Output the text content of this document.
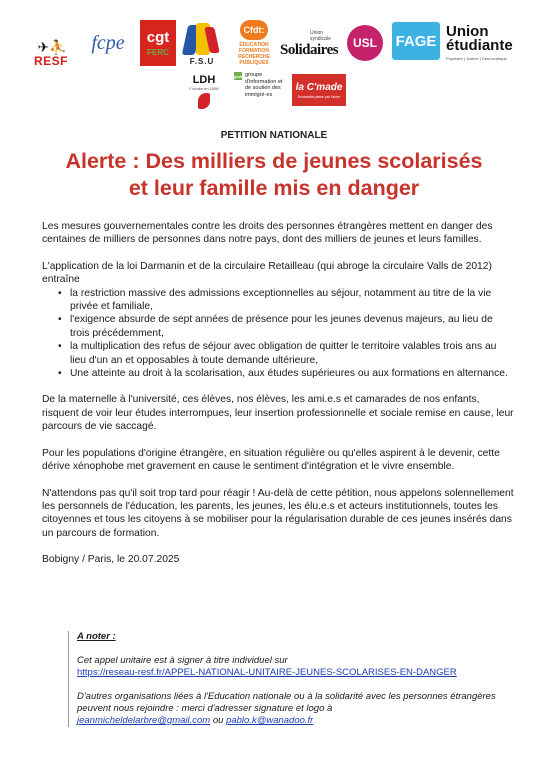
✈ ⛹
RESF
fcpe	cgt
FERC
F.S.U
Cfdt:
ÉDUCATION FORMATION RECHERCHE PUBLIQUES
Union syndicale
Solidaires	USL	FAGE
Union étudiante
Populaire | Justice | Démocratique
LDH
Fondée en 1898
gisti groupe d'information et de soutien des immigré·es
la C'made
l'humanité passe par l'autre

PETITION NATIONALE

Alerte : Des milliers de jeunes scolarisés
et leur famille mis en danger

Les mesures gouvernementales contre les droits des personnes étrangères mettent en danger des centaines de milliers de personnes dans notre pays, dont des milliers de jeunes et leurs familles.

L'application de la loi Darmanin et de la circulaire Retailleau (qui abroge la circulaire Valls de 2012) entraîne

• la restriction massive des admissions exceptionnelles au séjour, notamment au titre de la vie privée et familiale,
• l'exigence absurde de sept années de présence pour les jeunes devenus majeurs, au lieu de trois précédemment,
• la multiplication des refus de séjour avec obligation de quitter le territoire valables trois ans au lieu d'un an et opposables à toute demande ultérieure,
• Une atteinte au droit à la scolarisation, aux études supérieures ou aux formations en alternance.

De la maternelle à l'université, ces élèves, nos élèves, les ami.e.s et camarades de nos enfants, risquent de voir leur études interrompues, leur insertion professionnelle et sociale remise en cause, leur parcours de vie saccagé.

Pour les populations d'origine étrangère, en situation régulière ou qu'elles aspirent à le devenir, cette dérive xénophobe met gravement en cause le sentiment d'intégration et le vivre ensemble.

N'attendons pas qu'il soit trop tard pour réagir ! Au-delà de cette pétition, nous appelons solennellement les personnels de l'éducation, les parents, les jeunes, les élu.e.s et acteurs institutionnels, toutes les citoyennes et tous les citoyens à se mobiliser pour la régularisation durable de ces jeunes insérés dans un parcours de formation.

Bobigny / Paris, le 20.07.2025

A noter :

Cet appel unitaire est à signer à titre individuel sur

https://reseau-resf.fr/APPEL-NATIONAL-UNITAIRE-JEUNES-SCOLARISES-EN-DANGER

D'autres organisations liées à l'Education nationale ou à la solidarité avec les personnes étrangères peuvent nous rejoindre : merci d'adresser signature et logo à

jeanmicheldelarbre@gmail.com ou pablo.k@wanadoo.fr
